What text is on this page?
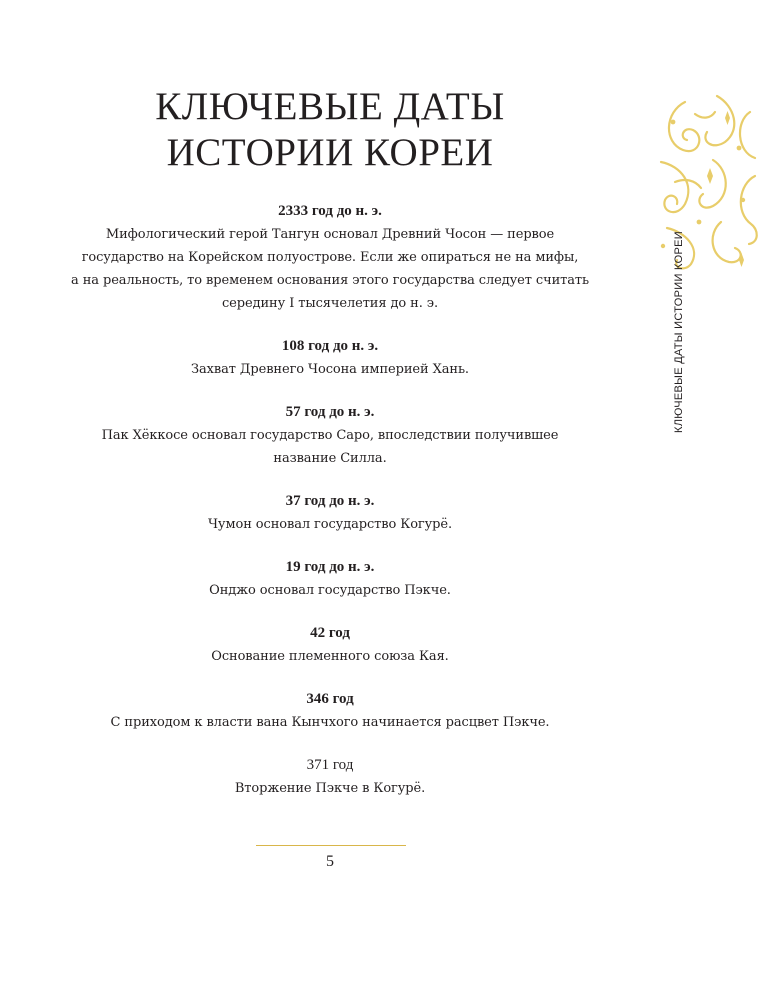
КЛЮЧЕВЫЕ ДАТЫ
ИСТОРИИ КОРЕИ

2333 год до н. э.

Мифологический герой Тангун основал Древний Чосон — первое

государство на Корейском полуострове. Если же опираться не на мифы,

а на реальность, то временем основания этого государства следует считать

середину I тысячелетия до н. э.

108 год до н. э.

Захват Древнего Чосона империей Хань.

57 год до н. э.

Пак Хёккосе основал государство Саро, впоследствии получившее

название Силла.

37 год до н. э.

Чумон основал государство Когурё.

19 год до н. э.

Онджо основал государство Пэкче.

42 год

Основание племенного союза Кая.

346 год

С приходом к власти вана Кынчхого начинается расцвет Пэкче.

371 год

Вторжение Пэкче в Когурё.

5
КЛЮЧЕВЫЕ ДАТЫ ИСТОРИИ КОРЕИ
